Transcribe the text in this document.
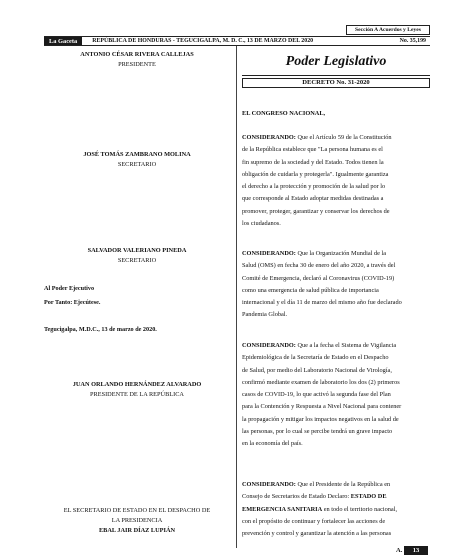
Sección A Acuerdos y Leyes
La Gaceta	REPÚBLICA DE HONDURAS - TEGUCIGALPA, M. D. C., 13 DE MARZO DEL 2020	No. 35,199
ANTONIO CÉSAR RIVERA CALLEJAS
PRESIDENTE
JOSÉ TOMÁS ZAMBRANO MOLINA
SECRETARIO
SALVADOR VALERIANO PINEDA
SECRETARIO
Al Poder Ejecutivo
Por Tanto: Ejecútese.
Tegucigalpa, M.D.C., 13 de marzo de 2020.
JUAN ORLANDO HERNÁNDEZ ALVARADO
PRESIDENTE DE LA REPÚBLICA
EL SECRETARIO DE ESTADO EN EL DESPACHO DE
LA PRESIDENCIA
EBAL JAIR DÍAZ LUPIÁN
Poder Legislativo
DECRETO No. 31-2020
EL CONGRESO NACIONAL,
CONSIDERANDO: Que el Artículo 59 de la Constitución
de la República establece que "La persona humana es el
fin supremo de la sociedad y del Estado. Todos tienen la
obligación de cuidarla y protegerla". Igualmente garantiza
el derecho a la protección y promoción de la salud por lo
que corresponde al Estado adoptar medidas destinadas a
promover, proteger, garantizar y conservar los derechos de
los ciudadanos.
CONSIDERANDO: Que la Organización Mundial de la
Salud (OMS) en fecha 30 de enero del año 2020, a través del
Comité de Emergencia, declaró al Coronavirus (COVID-19)
como una emergencia de salud pública de importancia
internacional y el día 11 de marzo del mismo año fue declarado
Pandemia Global.
CONSIDERANDO: Que a la fecha el Sistema de Vigilancia
Epidemiológica de la Secretaría de Estado en el Despacho
de Salud, por medio del Laboratorio Nacional de Virología,
confirmó mediante examen de laboratorio los dos (2) primeros
casos de COVID-19, lo que activó la segunda fase del Plan
para la Contención y Respuesta a Nivel Nacional para contener
la propagación y mitigar los impactos negativos en la salud de
las personas, por lo cual se percibe tendrá un grave impacto
en la economía del país.
CONSIDERANDO: Que el Presidente de la República en
Consejo de Secretarios de Estado Declaro: ESTADO DE
EMERGENCIA SANITARIA en todo el territorio nacional,
con el propósito de continuar y fortalecer las acciones de
prevención y control y garantizar la atención a las personas
A.	13
